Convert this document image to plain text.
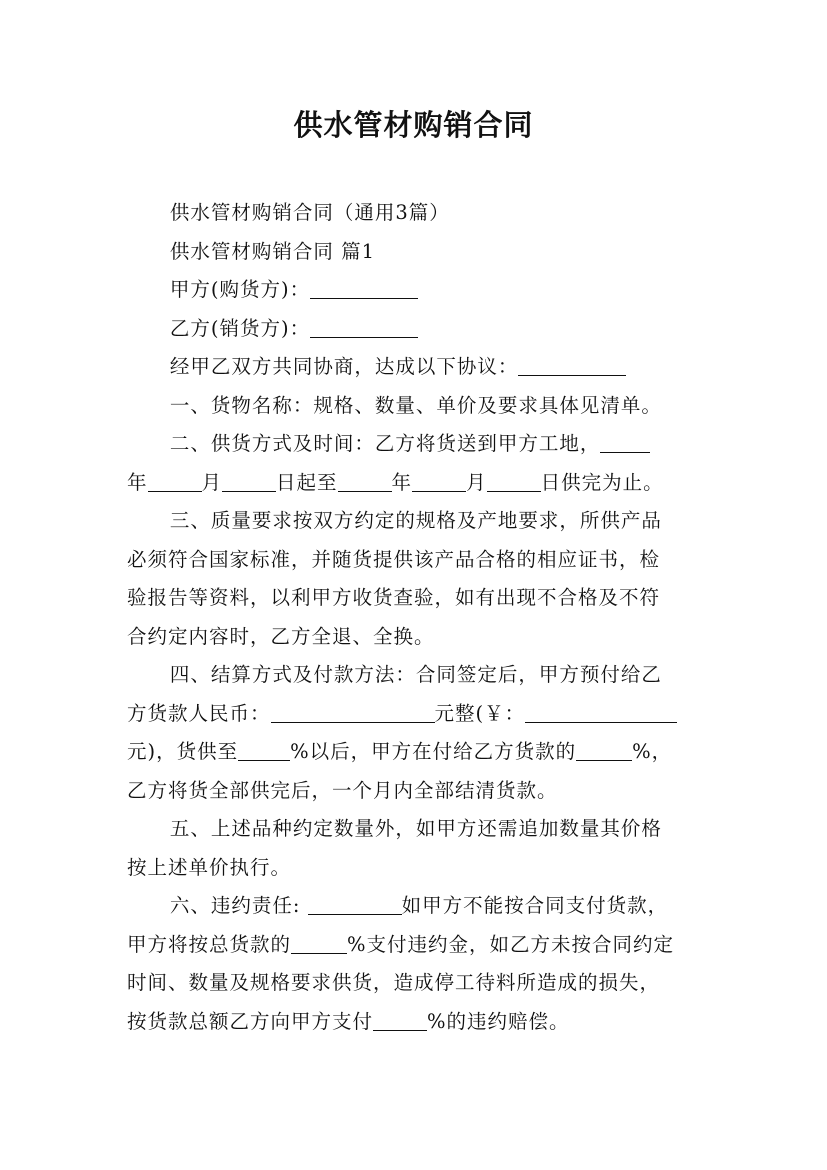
供水管材购销合同

供水管材购销合同（通用3篇）

供水管材购销合同 篇1

甲方(购货方)：

乙方(销货方)：

经甲乙双方共同协商，达成以下协议：

一、货物名称：规格、数量、单价及要求具体见清单。

二、供货方式及时间：乙方将货送到甲方工地，
年	月	日起至	年	月	日供完为止。

三、质量要求按双方约定的规格及产地要求，所供产品
必须符合国家标准，并随货提供该产品合格的相应证书，检
验报告等资料，以利甲方收货查验，如有出现不合格及不符
合约定内容时，乙方全退、全换。

四、结算方式及付款方法：合同签定后，甲方预付给乙
方货款人民币：	元整(￥：
元)，货供至	%以后，甲方在付给乙方货款的	%，
乙方将货全部供完后，一个月内全部结清货款。

五、上述品种约定数量外，如甲方还需追加数量其价格
按上述单价执行。

六、违约责任:	如甲方不能按合同支付货款，
甲方将按总货款的	%支付违约金，如乙方未按合同约定
时间、数量及规格要求供货，造成停工待料所造成的损失，
按货款总额乙方向甲方支付	%的违约赔偿。
